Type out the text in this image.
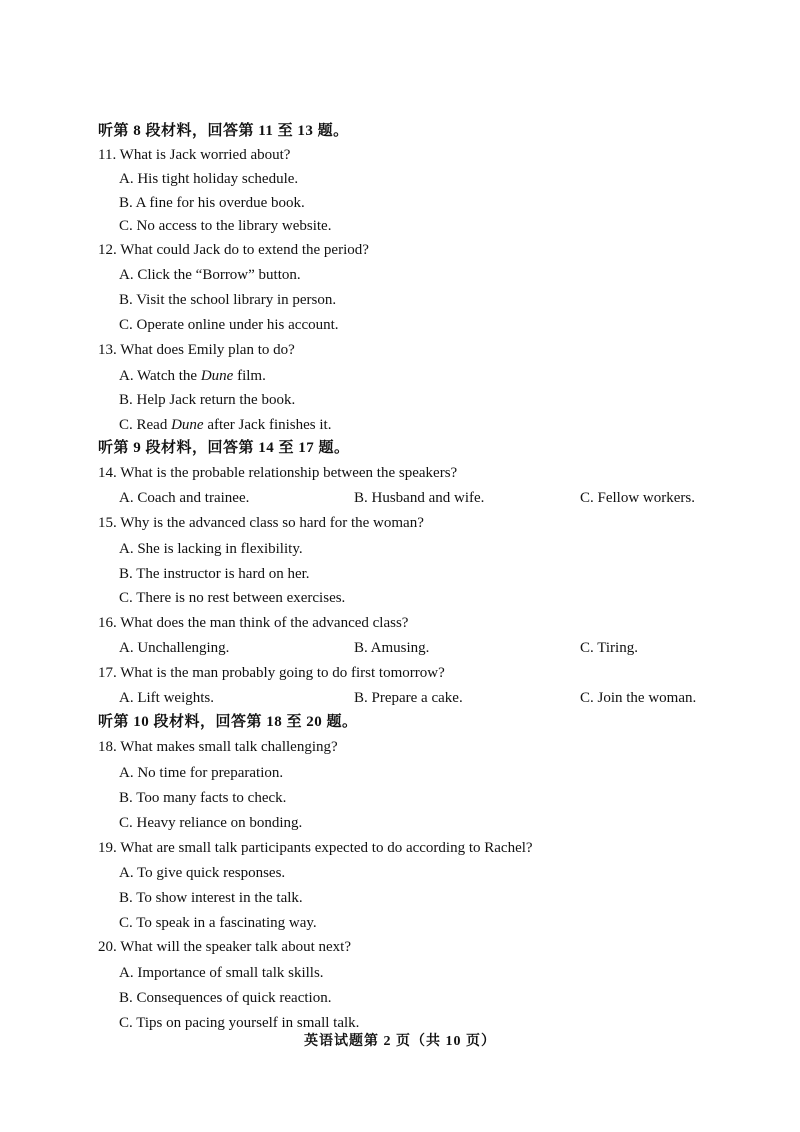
听第 8 段材料，回答第 11 至 13 题。
11. What is Jack worried about?
A. His tight holiday schedule.
B. A fine for his overdue book.
C. No access to the library website.
12. What could Jack do to extend the period?
A. Click the “Borrow” button.
B. Visit the school library in person.
C. Operate online under his account.
13. What does Emily plan to do?
A. Watch the Dune film.
B. Help Jack return the book.
C. Read Dune after Jack finishes it.
听第 9 段材料，回答第 14 至 17 题。
14. What is the probable relationship between the speakers?
A. Coach and trainee.	B. Husband and wife.	C. Fellow workers.
15. Why is the advanced class so hard for the woman?
A. She is lacking in flexibility.
B. The instructor is hard on her.
C. There is no rest between exercises.
16. What does the man think of the advanced class?
A. Unchallenging.	B. Amusing.	C. Tiring.
17. What is the man probably going to do first tomorrow?
A. Lift weights.	B. Prepare a cake.	C. Join the woman.
听第 10 段材料，回答第 18 至 20 题。
18. What makes small talk challenging?
A. No time for preparation.
B. Too many facts to check.
C. Heavy reliance on bonding.
19. What are small talk participants expected to do according to Rachel?
A. To give quick responses.
B. To show interest in the talk.
C. To speak in a fascinating way.
20. What will the speaker talk about next?
A. Importance of small talk skills.
B. Consequences of quick reaction.
C. Tips on pacing yourself in small talk.
英语试题第 2 页（共 10 页）
